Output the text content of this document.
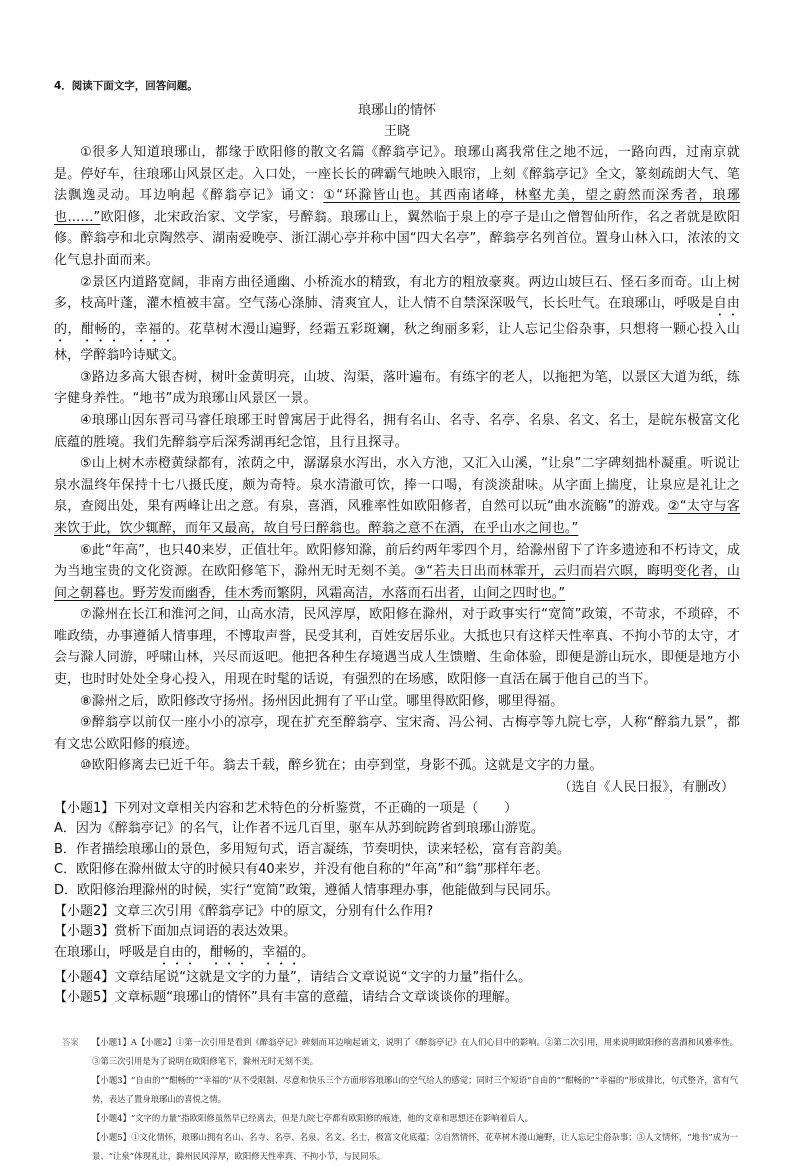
4．阅读下面文字，回答问题。
琅琊山的情怀
王晓

①很多人知道琅琊山，都缘于欧阳修的散文名篇《醉翁亭记》。琅琊山离我常住之地不远，一路向西，过南京就是。停好车，往琅琊山风景区走。入口处，一座长长的碑霸气地映入眼帘，上刻《醉翁亭记》全文，篆刻疏朗大气、笔法飘逸灵动。耳边响起《醉翁亭记》诵文：①“环滁皆山也。其西南诸峰，林壑尤美，望之蔚然而深秀者，琅琊也……”欧阳修，北宋政治家、文学家，号醉翁。琅琊山上，翼然临于泉上的亭子是山之僧智仙所作，名之者就是欧阳修。醉翁亭和北京陶然亭、湖南爱晚亭、浙江湖心亭并称中国“四大名亭”，醉翁亭名列首位。置身山林入口，浓浓的文化气息扑面而来。

②景区内道路宽阔，非南方曲径通幽、小桥流水的精致，有北方的粗放豪爽。两边山坡巨石、怪石多而奇。山上树多，枝高叶蓬，灌木植被丰富。空气荡心涤肺、清爽宜人，让人情不自禁深深吸气，长长吐气。在琅琊山，呼吸是自由的，酣畅的，幸福的。花草树木漫山遍野，经霜五彩斑斓，秋之绚丽多彩，让人忘记尘俗杂事，只想将一颗心投入山林，学醉翁吟诗赋文。

③路边多高大银杏树，树叶金黄明亮，山坡、沟渠，落叶遍布。有练字的老人，以拖把为笔，以景区大道为纸，练字健身养性。“地书”成为琅琊山风景区一景。

④琅琊山因东晋司马睿任琅琊王时曾寓居于此得名，拥有名山、名寺、名亭、名泉、名文、名士，是皖东极富文化底蕴的胜境。我们先醉翁亭后深秀湖再纪念馆，且行且探寻。

⑤山上树木赤橙黄绿都有，浓荫之中，潺潺泉水泻出，水入方池，又汇入山溪，“让泉”二字碑刻拙朴凝重。听说让泉水温终年保持十七八摄氏度，颇为奇特。泉水清澈可饮，捧一口喝，有淡淡甜味。从字面上揣度，让泉应是礼让之泉，查阅出处，果有两峰让出之意。有泉，喜酒，风雅率性如欧阳修者，自然可以玩“曲水流觞”的游戏。②“太守与客来饮于此，饮少辄醉，而年又最高，故自号曰醉翁也。醉翁之意不在酒，在乎山水之间也。”

⑥此“年高”，也只40来岁，正值壮年。欧阳修知滁，前后约两年零四个月，给滁州留下了许多遗迹和不朽诗文，成为当地宝贵的文化资源。在欧阳修笔下，滁州无时无刻不美。③“若夫日出而林霏开，云归而岩穴暝，晦明变化者，山间之朝暮也。野芳发而幽香，佳木秀而繁阴，风霜高洁，水落而石出者，山间之四时也。”

⑦滁州在长江和淮河之间，山高水清，民风淳厚，欧阳修在滁州，对于政事实行“宽简”政策，不苛求，不琐碎，不唯政绩，办事遵循人情事理，不博取声誉，民受其利，百姓安居乐业。大抵也只有这样天性率真、不拘小节的太守，才会与滁人同游，呼啸山林，兴尽而返吧。他把各种生存境遇当成人生馈赠、生命体验，即便是游山玩水，即便是地方小吏，也时时处处全身心投入，用现在时髦的话说，有强烈的在场感，欧阳修一直活在属于他自己的当下。

⑧滁州之后，欧阳修改守扬州。扬州因此拥有了平山堂。哪里得欧阳修，哪里得福。

⑨醉翁亭以前仅一座小小的凉亭，现在扩充至醉翁亭、宝宋斋、冯公祠、古梅亭等九院七亭，人称“醉翁九景”，都有文忠公欧阳修的痕迹。

⑩欧阳修离去已近千年。翁去千载，醉乡犹在；由亭到堂，身影不孤。这就是文字的力量。

（选自《人民日报》，有删改）
【小题1】下列对文章相关内容和艺术特色的分析鉴赏，不正确的一项是（　　）
A．因为《醉翁亭记》的名气，让作者不远几百里，驱车从苏到皖跨省到琅琊山游览。
B．作者描绘琅琊山的景色，多用短句式，语言凝练，节奏明快，读来轻松，富有音韵美。
C．欧阳修在滁州做太守的时候只有40来岁，并没有他自称的“年高”和“翁”那样年老。
D．欧阳修治理滁州的时候，实行“宽简”政策，遵循人情事理办事，他能做到与民同乐。
【小题2】文章三次引用《醉翁亭记》中的原文，分别有什么作用?
【小题3】赏析下面加点词语的表达效果。
在琅琊山，呼吸是自由的，酣畅的，幸福的。
【小题4】文章结尾说“这就是文字的力量”，请结合文章说说“文字的力量”指什么。
【小题5】文章标题“琅琊山的情怀”具有丰富的意蕴，请结合文章谈谈你的理解。
答案 【小题1】A【小题2】①第一次引用是看到《醉翁亭记》碑刻而耳边响起诵文，说明了《醉翁亭记》在人们心目中的影响。②第二次引用，用来说明欧阳修的喜酒和风雅率性。③第三次引用是为了说明在欧阳修笔下，滁州无时无刻不美。

【小题3】“自由的”“酣畅的”“幸福的”从不受限制、尽意和快乐三个方面形容琅琊山的空气给人的感觉；同时三个短语“自由的”“酣畅的”“幸福的”形成排比，句式整齐，富有气势，表达了置身琅琊山的喜悦之情。

【小题4】“文字的力量”指欧阳修虽然早已经离去，但是九院七亭都有欧阳修的痕迹，他的文章和思想还在影响着后人。

【小题5】①文化情怀，琅琊山拥有名山、名寺、名亭、名泉、名文、名士，极富文化底蕴；②自然情怀，花草树木漫山遍野，让人忘记尘俗杂事；③人文情怀，“地书”成为一景、“让泉”体现礼让，滁州民风淳厚，欧阳修天性率真、不拘小节，与民同乐。
